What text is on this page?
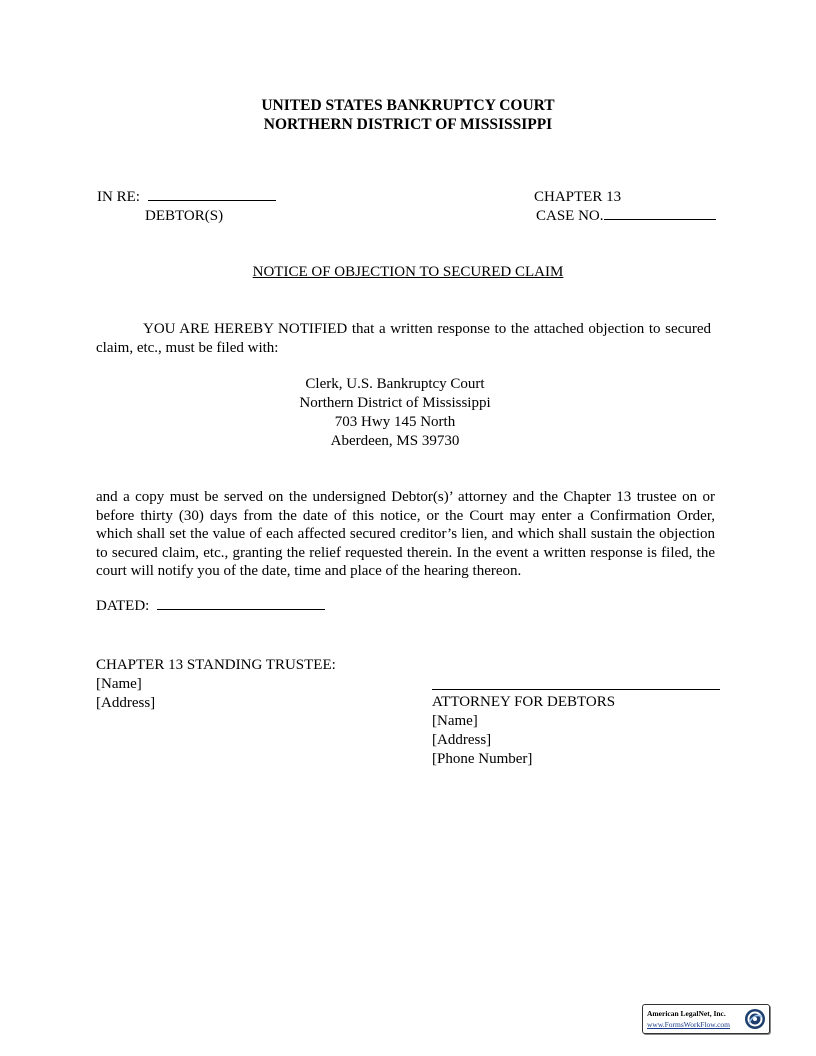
UNITED STATES BANKRUPTCY COURT
NORTHERN DISTRICT OF MISSISSIPPI
IN RE:
DEBTOR(S)
CHAPTER 13
CASE NO.
NOTICE OF OBJECTION TO SECURED CLAIM
YOU ARE HEREBY NOTIFIED that a written response to the attached objection to secured claim, etc., must be filed with:
Clerk, U.S. Bankruptcy Court
Northern District of Mississippi
703 Hwy 145 North
Aberdeen, MS 39730
and a copy must be served on the undersigned Debtor(s)’ attorney and the Chapter 13 trustee on or before thirty (30) days from the date of this notice, or the Court may enter a Confirmation Order, which shall set the value of each affected secured creditor’s lien, and which shall sustain the objection to secured claim, etc., granting the relief requested therein. In the event a written response is filed, the court will notify you of the date, time and place of the hearing thereon.
DATED:
CHAPTER 13 STANDING TRUSTEE:
[Name]
[Address]	ATTORNEY FOR DEBTORS
[Name]
[Address]
[Phone Number]
American LegalNet, Inc.
www.FormsWorkFlow.com
